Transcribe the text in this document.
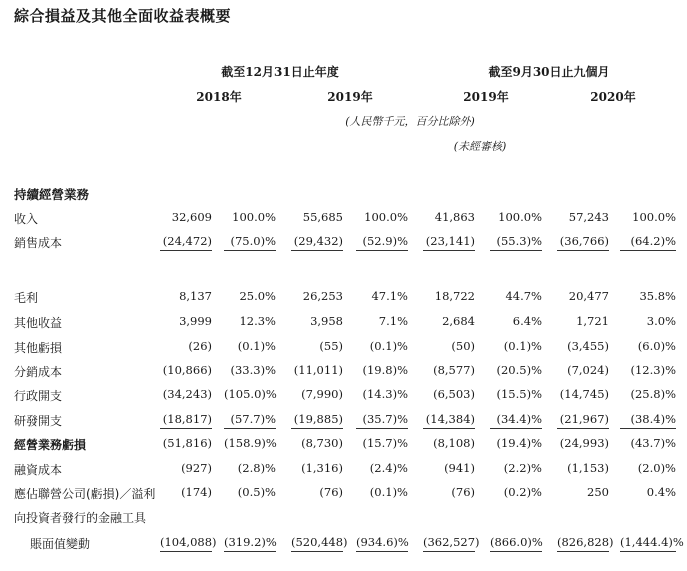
綜合損益及其他全面收益表概要
截至12月31日止年度	截至9月30日止九個月
2018年	2019年	2019年	2020年
(人民幣千元，百分比除外)
(未經審核)
持續經營業務
收入	32,609	100.0%	55,685	100.0%	41,863	100.0%	57,243	100.0%
銷售成本	(24,472)	(75.0)% (29,432)	(52.9)% (23,141)	(55.3)% (36,766)	(64.2)%
毛利	8,137	25.0%	26,253	47.1%	18,722	44.7%	20,477	35.8%
其他收益	3,999	12.3%	3,958	7.1%	2,684	6.4%	1,721	3.0%
其他虧損	(26)	(0.1)%	(55)	(0.1)%	(50)	(0.1)%	(3,455)	(6.0)%
分銷成本	(10,866)	(33.3)% (11,011)	(19.8)%	(8,577)	(20.5)%	(7,024)	(12.3)%
行政開支	(34,243) (105.0)%	(7,990)	(14.3)%	(6,503)	(15.5)% (14,745)	(25.8)%
研發開支	(18,817)	(57.7)% (19,885)	(35.7)% (14,384)	(34.4)% (21,967)	(38.4)%
經營業務虧損	(51,816) (158.9)%	(8,730)	(15.7)%	(8,108)	(19.4)% (24,993)	(43.7)%
融資成本	(927)	(2.8)%	(1,316)	(2.4)%	(941)	(2.2)%	(1,153)	(2.0)%
應佔聯營公司(虧損)／溢利	(174)	(0.5)%	(76)	(0.1)%	(76)	(0.2)%	250	0.4%
向投資者發行的金融工具
賬面值變動	(104,088) (319.2)% (520,448) (934.6)% (362,527) (866.0)% (826,828) (1,444.4)%
